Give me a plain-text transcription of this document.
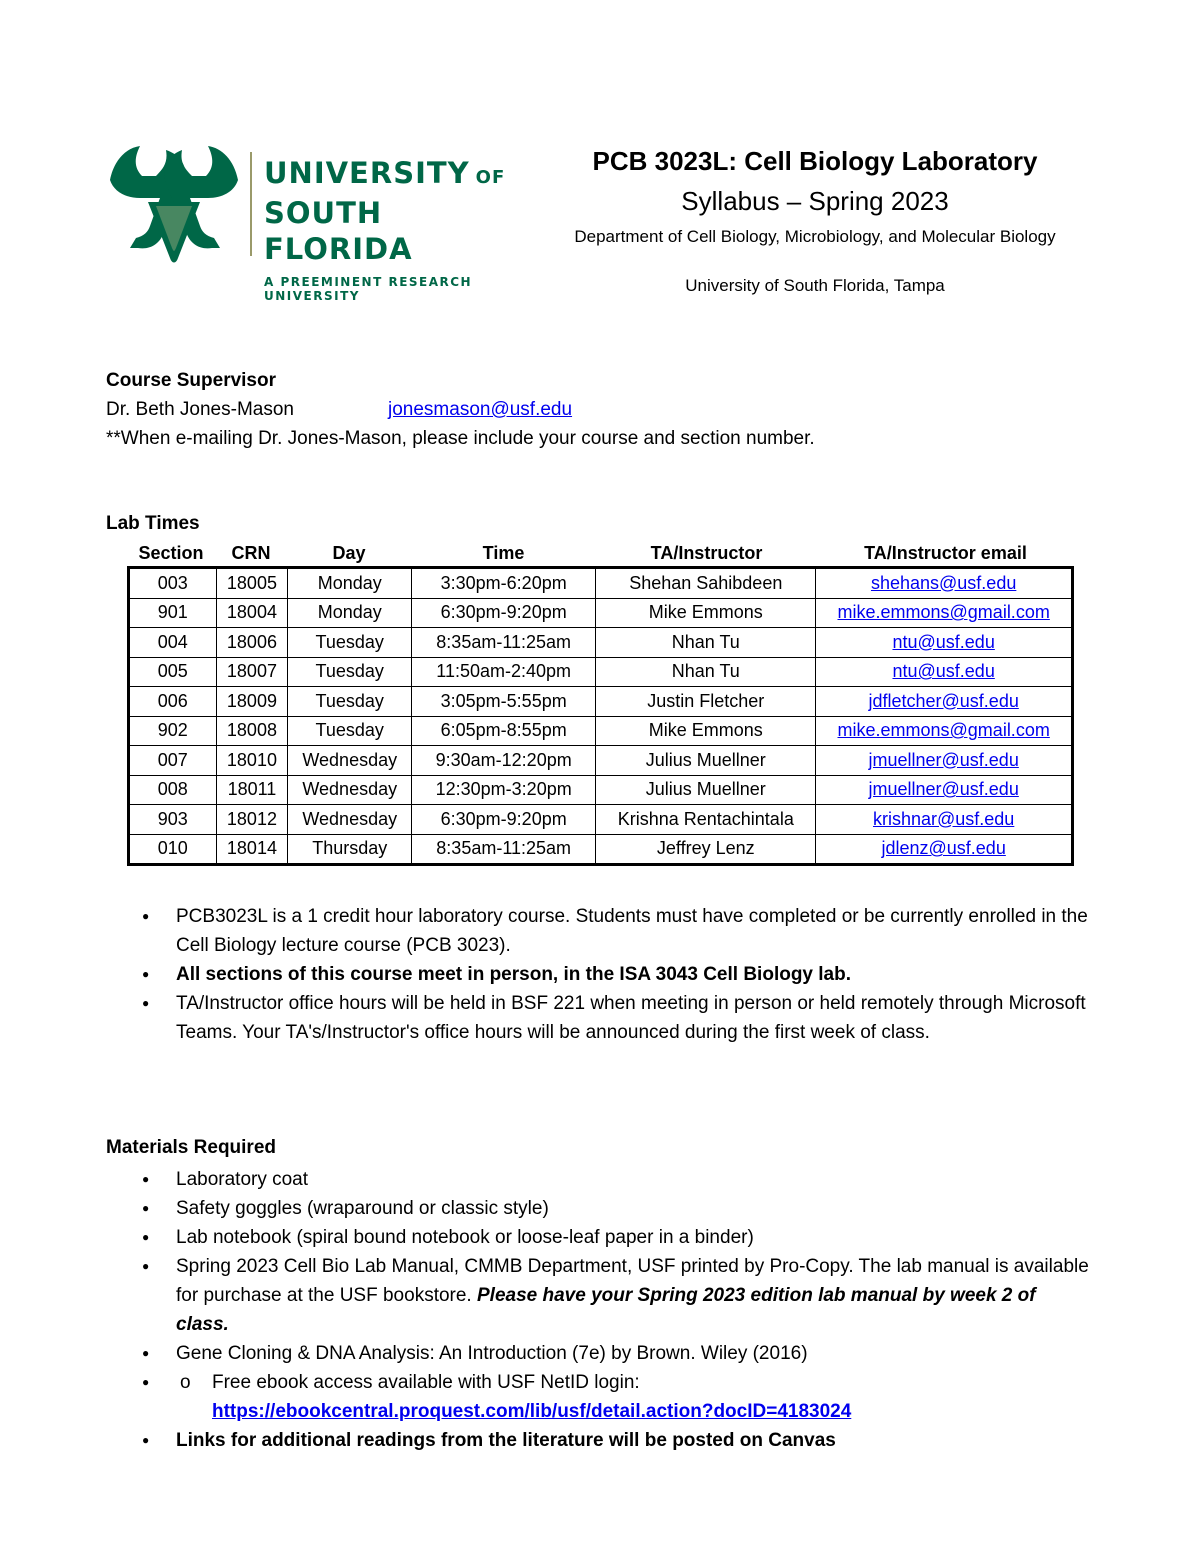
UNIVERSITY OF
SOUTH FLORIDA
A PREEMINENT RESEARCH UNIVERSITY
PCB 3023L: Cell Biology Laboratory
Syllabus – Spring 2023
Department of Cell Biology, Microbiology, and Molecular Biology
University of South Florida, Tampa
Course Supervisor
Dr. Beth Jones-Mason	jonesmason@usf.edu
**When e-mailing Dr. Jones-Mason, please include your course and section number.
Lab Times
Section	CRN	Day	Time	TA/Instructor	TA/Instructor email
003	18005	Monday	3:30pm-6:20pm	Shehan Sahibdeen	shehans@usf.edu
901	18004	Monday	6:30pm-9:20pm	Mike Emmons	mike.emmons@gmail.com
004	18006	Tuesday	8:35am-11:25am	Nhan Tu	ntu@usf.edu
005	18007	Tuesday	11:50am-2:40pm	Nhan Tu	ntu@usf.edu
006	18009	Tuesday	3:05pm-5:55pm	Justin Fletcher	jdfletcher@usf.edu
902	18008	Tuesday	6:05pm-8:55pm	Mike Emmons	mike.emmons@gmail.com
007	18010	Wednesday	9:30am-12:20pm	Julius Muellner	jmuellner@usf.edu
008	18011	Wednesday	12:30pm-3:20pm	Julius Muellner	jmuellner@usf.edu
903	18012	Wednesday	6:30pm-9:20pm	Krishna Rentachintala	krishnar@usf.edu
010	18014	Thursday	8:35am-11:25am	Jeffrey Lenz	jdlenz@usf.edu
● PCB3023L is a 1 credit hour laboratory course. Students must have completed or be currently enrolled in the Cell Biology lecture course (PCB 3023).
● All sections of this course meet in person, in the ISA 3043 Cell Biology lab.
● TA/Instructor office hours will be held in BSF 221 when meeting in person or held remotely through Microsoft Teams. Your TA's/Instructor's office hours will be announced during the first week of class.
Materials Required
● Laboratory coat
● Safety goggles (wraparound or classic style)
● Lab notebook (spiral bound notebook or loose-leaf paper in a binder)
● Spring 2023 Cell Bio Lab Manual, CMMB Department, USF printed by Pro-Copy. The lab manual is available for purchase at the USF bookstore. Please have your Spring 2023 edition lab manual by week 2 of class.
● Gene Cloning & DNA Analysis: An Introduction (7e) by Brown. Wiley (2016)
o ● Free ebook access available with USF NetID login:
https://ebookcentral.proquest.com/lib/usf/detail.action?docID=4183024
● Links for additional readings from the literature will be posted on Canvas
